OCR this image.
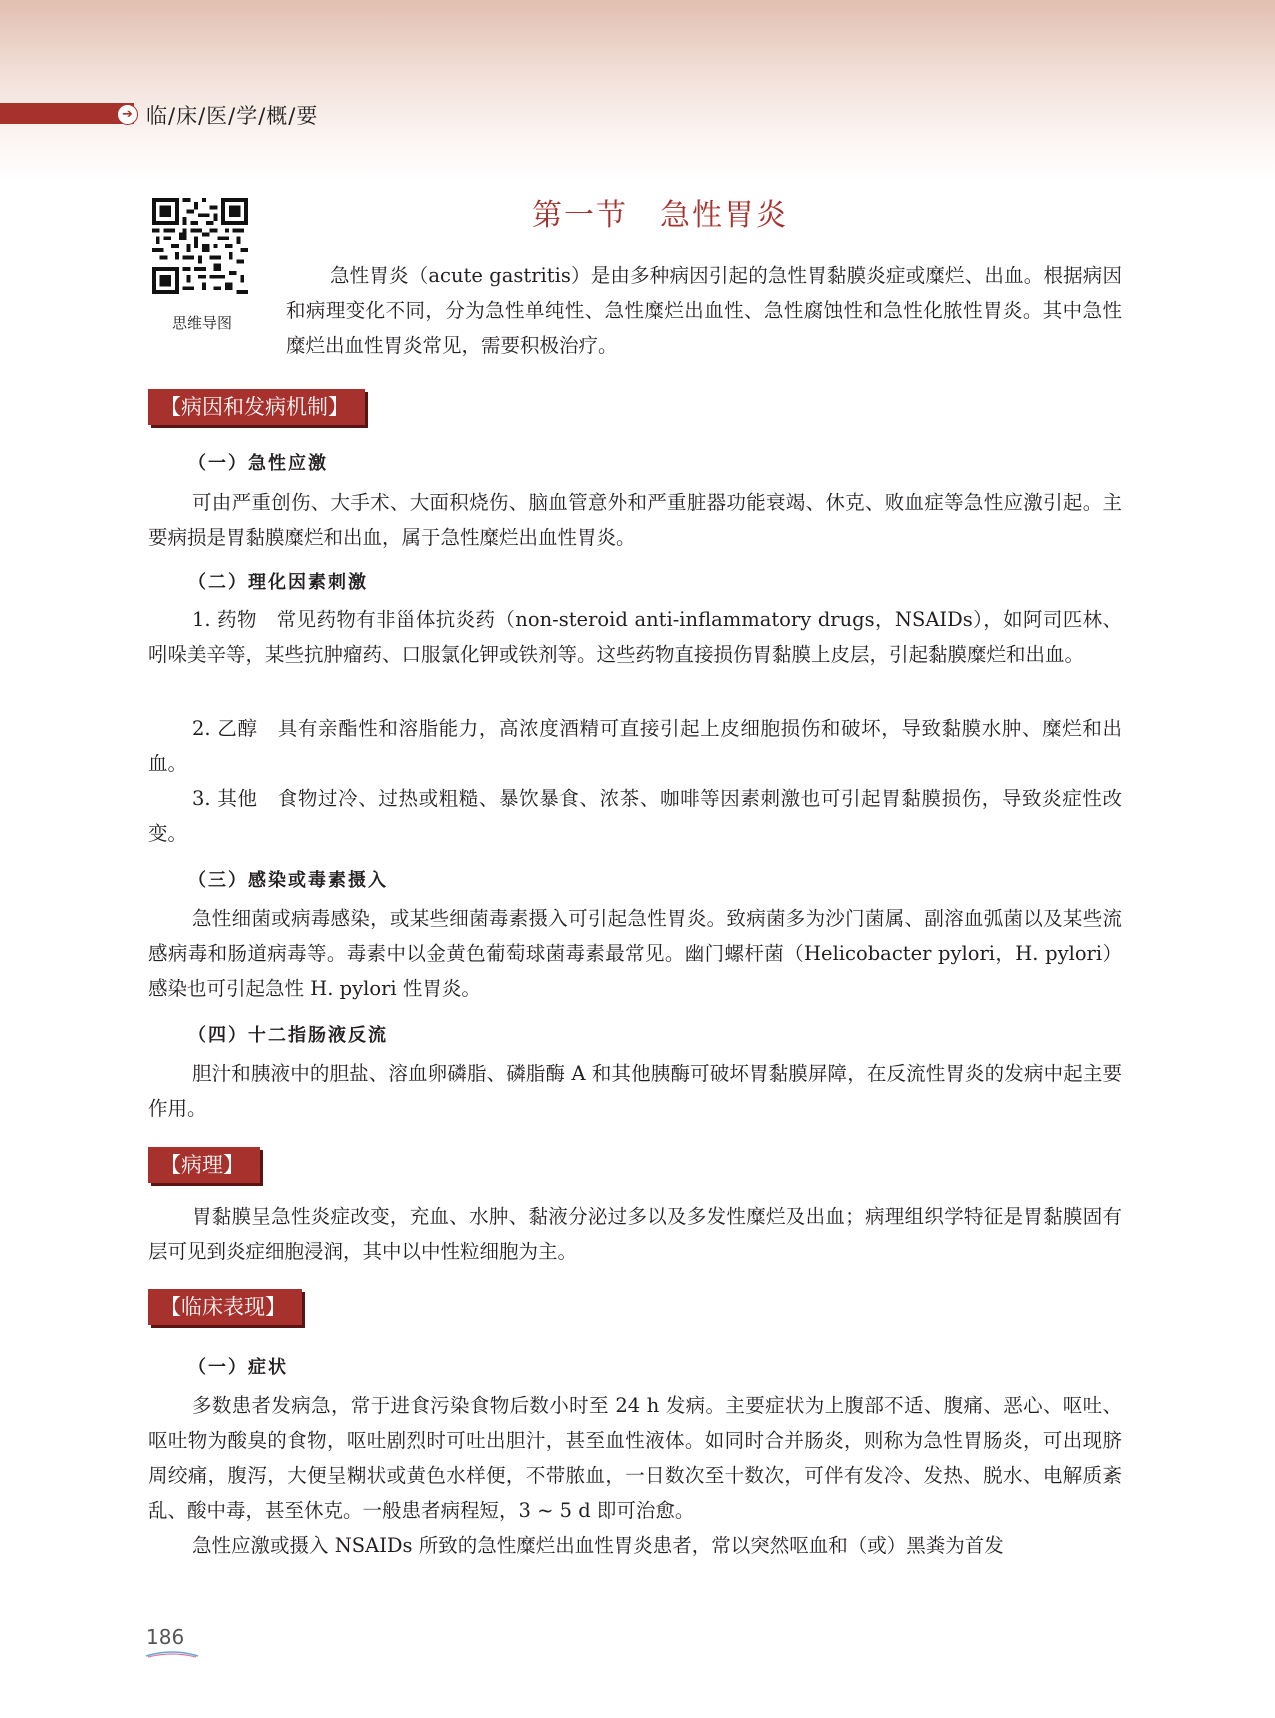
➔ 临/床/医/学/概/要
思维导图
第一节　急性胃炎

急性胃炎（acute gastritis）是由多种病因引起的急性胃黏膜炎症或糜烂、出血。根据病因和病理变化不同，分为急性单纯性、急性糜烂出血性、急性腐蚀性和急性化脓性胃炎。其中急性糜烂出血性胃炎常见，需要积极治疗。

【病因和发病机制】
（一）急性应激

可由严重创伤、大手术、大面积烧伤、脑血管意外和严重脏器功能衰竭、休克、败血症等急性应激引起。主要病损是胃黏膜糜烂和出血，属于急性糜烂出血性胃炎。

（二）理化因素刺激

1. 药物　常见药物有非甾体抗炎药（non-steroid anti-inflammatory drugs，NSAIDs），如阿司匹林、吲哚美辛等，某些抗肿瘤药、口服氯化钾或铁剂等。这些药物直接损伤胃黏膜上皮层，引起黏膜糜烂和出血。

2. 乙醇　具有亲酯性和溶脂能力，高浓度酒精可直接引起上皮细胞损伤和破坏，导致黏膜水肿、糜烂和出血。

3. 其他　食物过冷、过热或粗糙、暴饮暴食、浓茶、咖啡等因素刺激也可引起胃黏膜损伤，导致炎症性改变。

（三）感染或毒素摄入

急性细菌或病毒感染，或某些细菌毒素摄入可引起急性胃炎。致病菌多为沙门菌属、副溶血弧菌以及某些流感病毒和肠道病毒等。毒素中以金黄色葡萄球菌毒素最常见。幽门螺杆菌（Helicobacter pylori，H. pylori）感染也可引起急性 H. pylori 性胃炎。

（四）十二指肠液反流

胆汁和胰液中的胆盐、溶血卵磷脂、磷脂酶 A 和其他胰酶可破坏胃黏膜屏障，在反流性胃炎的发病中起主要作用。

【病理】

胃黏膜呈急性炎症改变，充血、水肿、黏液分泌过多以及多发性糜烂及出血；病理组织学特征是胃黏膜固有层可见到炎症细胞浸润，其中以中性粒细胞为主。

【临床表现】
（一）症状

多数患者发病急，常于进食污染食物后数小时至 24 h 发病。主要症状为上腹部不适、腹痛、恶心、呕吐、呕吐物为酸臭的食物，呕吐剧烈时可吐出胆汁，甚至血性液体。如同时合并肠炎，则称为急性胃肠炎，可出现脐周绞痛，腹泻，大便呈糊状或黄色水样便，不带脓血，一日数次至十数次，可伴有发冷、发热、脱水、电解质紊乱、酸中毒，甚至休克。一般患者病程短，3 ~ 5 d 即可治愈。

急性应激或摄入 NSAIDs 所致的急性糜烂出血性胃炎患者，常以突然呕血和（或）黑粪为首发

186
